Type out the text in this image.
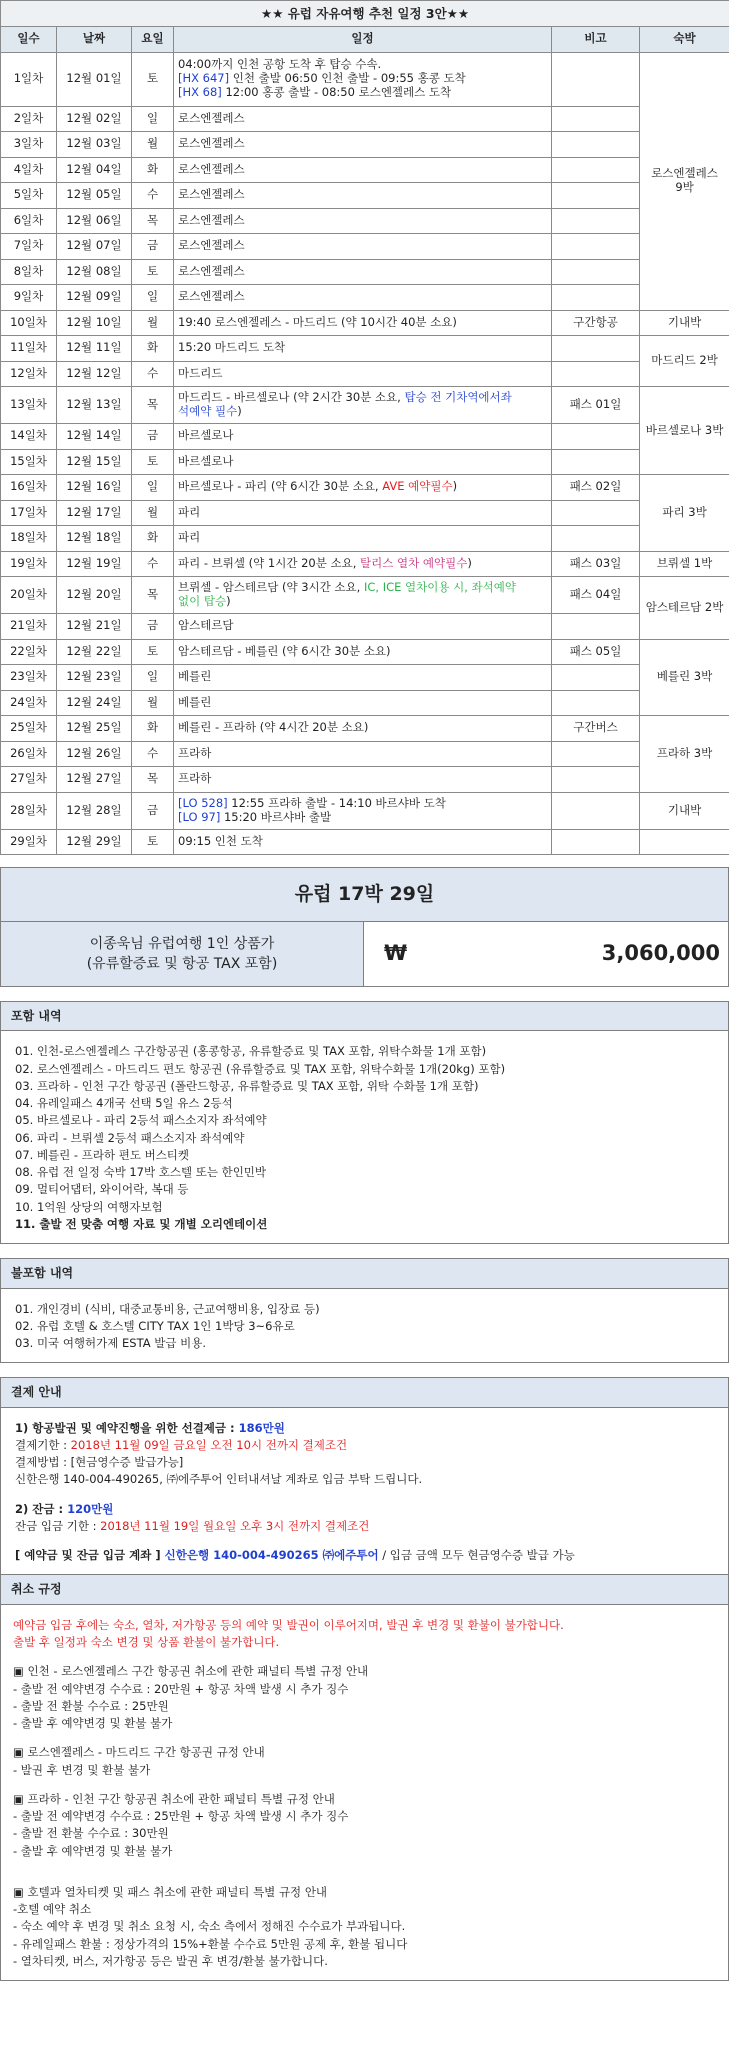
★★ 유럽 자유여행 추천 일정 3안★★					
일수	날짜	요일	일정	비고	숙박
1일차	12월 01일	토	04:00까지 인천 공항 도착 후 탑승 수속.
[HX 647] 인천 출발 06:50 인천 출발 - 09:55 홍콩 도착
[HX 68] 12:00 홍콩 출발 - 08:50 로스엔젤레스 도착		로스엔젤레스 9박
2일차	12월 02일	일	로스엔젤레스		

3일차	12월 03일	월	로스엔젤레스		

4일차	12월 04일	화	로스엔젤레스		

5일차	12월 05일	수	로스엔젤레스		

6일차	12월 06일	목	로스엔젤레스		

7일차	12월 07일	금	로스엔젤레스		

8일차	12월 08일	토	로스엔젤레스		

9일차	12월 09일	일	로스엔젤레스		

10일차	12월 10일	월	19:40 로스엔젤레스 - 마드리드 (약 10시간 40분 소요)	구간항공	기내박
11일차	12월 11일	화	15:20 마드리드 도착		마드리드 2박
12일차	12월 12일	수	마드리드		

13일차	12월 13일	목	마드리드 - 바르셀로나 (약 2시간 30분 소요, 탑승 전 기차역에서좌
석예약 필수)	패스 01일	바르셀로나 3박
14일차	12월 14일	금	바르셀로나		

15일차	12월 15일	토	바르셀로나		

16일차	12월 16일	일	바르셀로나 - 파리 (약 6시간 30분 소요, AVE 예약필수)	패스 02일	파리 3박
17일차	12월 17일	월	파리		

18일차	12월 18일	화	파리		

19일차	12월 19일	수	파리 - 브뤼셀 (약 1시간 20분 소요, 탈리스 열차 예약필수)	패스 03일	브뤼셀 1박
20일차	12월 20일	목	브뤼셀 - 암스테르담 (약 3시간 소요, IC, ICE 열차이용 시, 좌석예약
없이 탑승)	패스 04일	암스테르담 2박
21일차	12월 21일	금	암스테르담		

22일차	12월 22일	토	암스테르담 - 베를린 (약 6시간 30분 소요)	패스 05일	베를린 3박
23일차	12월 23일	일	베를린		

24일차	12월 24일	월	베를린		

25일차	12월 25일	화	베를린 - 프라하 (약 4시간 20분 소요)	구간버스	프라하 3박
26일차	12월 26일	수	프라하		

27일차	12월 27일	목	프라하		

28일차	12월 28일	금	[LO 528] 12:55 프라하 출발 - 14:10 바르샤바 도착
[LO 97] 15:20 바르샤바 출발		기내박
29일차	12월 29일	토	09:15 인천 도착		

유럽 17박 29일
이종욱님 유럽여행 1인 상품가
(유류할증료 및 항공 TAX 포함)	₩	3,060,000
포함 내역
01. 인천-로스엔젤레스 구간항공권 (홍콩항공, 유류할증료 및 TAX 포함, 위탁수화물 1개 포함)
02. 로스엔젤레스 - 마드리드 편도 항공권 (유류할증료 및 TAX 포함, 위탁수화물 1개(20kg) 포함)
03. 프라하 - 인천 구간 항공권 (폴란드항공, 유류할증료 및 TAX 포함, 위탁 수화물 1개 포함)
04. 유레일패스 4개국 선택 5일 유스 2등석
05. 바르셀로나 - 파리 2등석 패스소지자 좌석예약
06. 파리 - 브뤼셀 2등석 패스소지자 좌석예약
07. 베를린 - 프라하 편도 버스티켓
08. 유럽 전 일정 숙박 17박 호스텔 또는 한인민박
09. 멀티어댑터, 와이어락, 복대 등
10. 1억원 상당의 여행자보험
11. 출발 전 맞춤 여행 자료 및 개별 오리엔테이션
불포함 내역
01. 개인경비 (식비, 대중교통비용, 근교여행비용, 입장료 등)
02. 유럽 호텔 & 호스텔 CITY TAX 1인 1박당 3~6유로
03. 미국 여행허가제 ESTA 발급 비용.
결제 안내
1) 항공발권 및 예약진행을 위한 선결제금 : 186만원
결제기한 : 2018년 11월 09일 금요일 오전 10시 전까지 결제조건
결제방법 : [현금영수증 발급가능]
신한은행 140-004-490265, ㈜에주투어 인터내셔날 계좌로 입금 부탁 드립니다.
2) 잔금 : 120만원
잔금 입금 기한 : 2018년 11월 19일 월요일 오후 3시 전까지 결제조건
[ 예약금 및 잔금 입금 계좌 ] 신한은행 140-004-490265 ㈜에주투어 / 입금 금액 모두 현금영수증 발급 가능
취소 규정
예약금 입금 후에는 숙소, 열차, 저가항공 등의 예약 및 발권이 이루어지며, 발권 후 변경 및 환불이 불가합니다.
출발 후 일정과 숙소 변경 및 상품 환불이 불가합니다.
▣ 인천 - 로스엔젤레스 구간 항공권 취소에 관한 패널티 특별 규정 안내
- 출발 전 예약변경 수수료 : 20만원 + 항공 차액 발생 시 추가 징수
- 출발 전 환불 수수료 : 25만원
- 출발 후 예약변경 및 환불 불가
▣ 로스엔젤레스 - 마드리드 구간 항공권 규정 안내
- 발권 후 변경 및 환불 불가
▣ 프라하 - 인천 구간 항공권 취소에 관한 패널티 특별 규정 안내
- 출발 전 예약변경 수수료 : 25만원 + 항공 차액 발생 시 추가 징수
- 출발 전 환불 수수료 : 30만원
- 출발 후 예약변경 및 환불 불가
▣ 호텔과 열차티켓 및 패스 취소에 관한 패널티 특별 규정 안내
-호텔 예약 취소
- 숙소 예약 후 변경 및 취소 요청 시, 숙소 측에서 정해진 수수료가 부과됩니다.
- 유레일패스 환불 : 정상가격의 15%+환불 수수료 5만원 공제 후, 환불 됩니다
- 열차티켓, 버스, 저가항공 등은 발권 후 변경/환불 불가합니다.
